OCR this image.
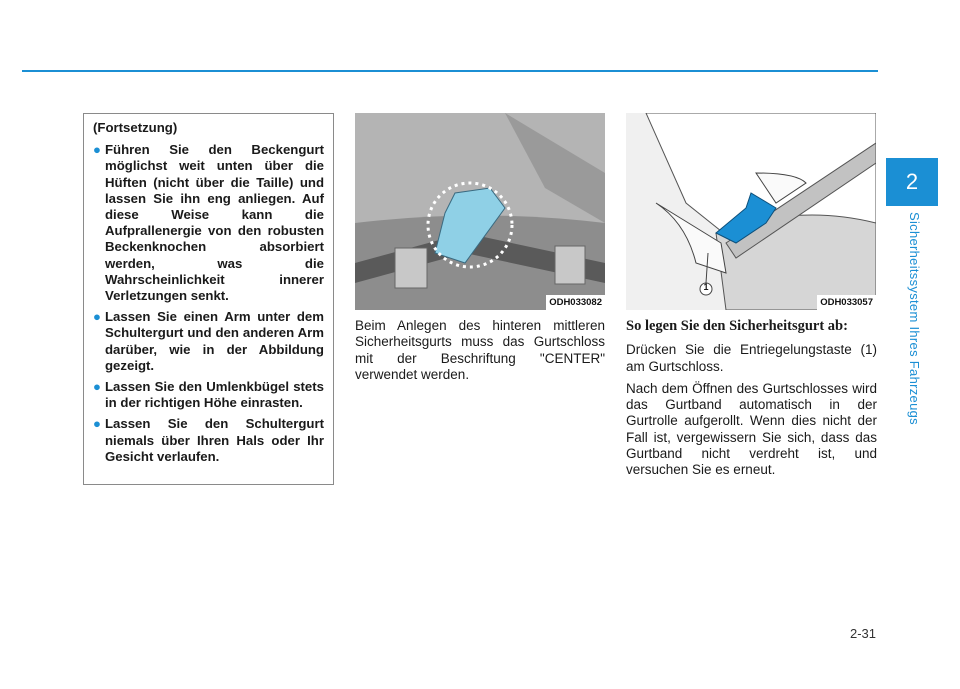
2
Sicherheitssystem Ihres Fahrzeugs
(Fortsetzung)
● Führen Sie den Beckengurt möglichst weit unten über die Hüften (nicht über die Taille) und lassen Sie ihn eng anliegen. Auf diese Weise kann die Aufprallenergie von den robusten Beckenknochen absorbiert werden, was die Wahrscheinlichkeit innerer Verletzungen senkt.
● Lassen Sie einen Arm unter dem Schultergurt und den anderen Arm darüber, wie in der Abbildung gezeigt.
● Lassen Sie den Umlenkbügel stets in der richtigen Höhe einrasten.
● Lassen Sie den Schultergurt niemals über Ihren Hals oder Ihr Gesicht verlaufen.
ODH033082
1
ODH033057

Beim Anlegen des hinteren mittleren Sicherheitsgurts muss das Gurtschloss mit der Beschriftung "CENTER" verwendet werden.

So legen Sie den Sicherheitsgurt ab:

Drücken Sie die Entriegelungstaste (1) am Gurtschloss.

Nach dem Öffnen des Gurtschlosses wird das Gurtband automatisch in der Gurtrolle aufgerollt. Wenn dies nicht der Fall ist, vergewissern Sie sich, dass das Gurtband nicht verdreht ist, und versuchen Sie es erneut.

2-31
